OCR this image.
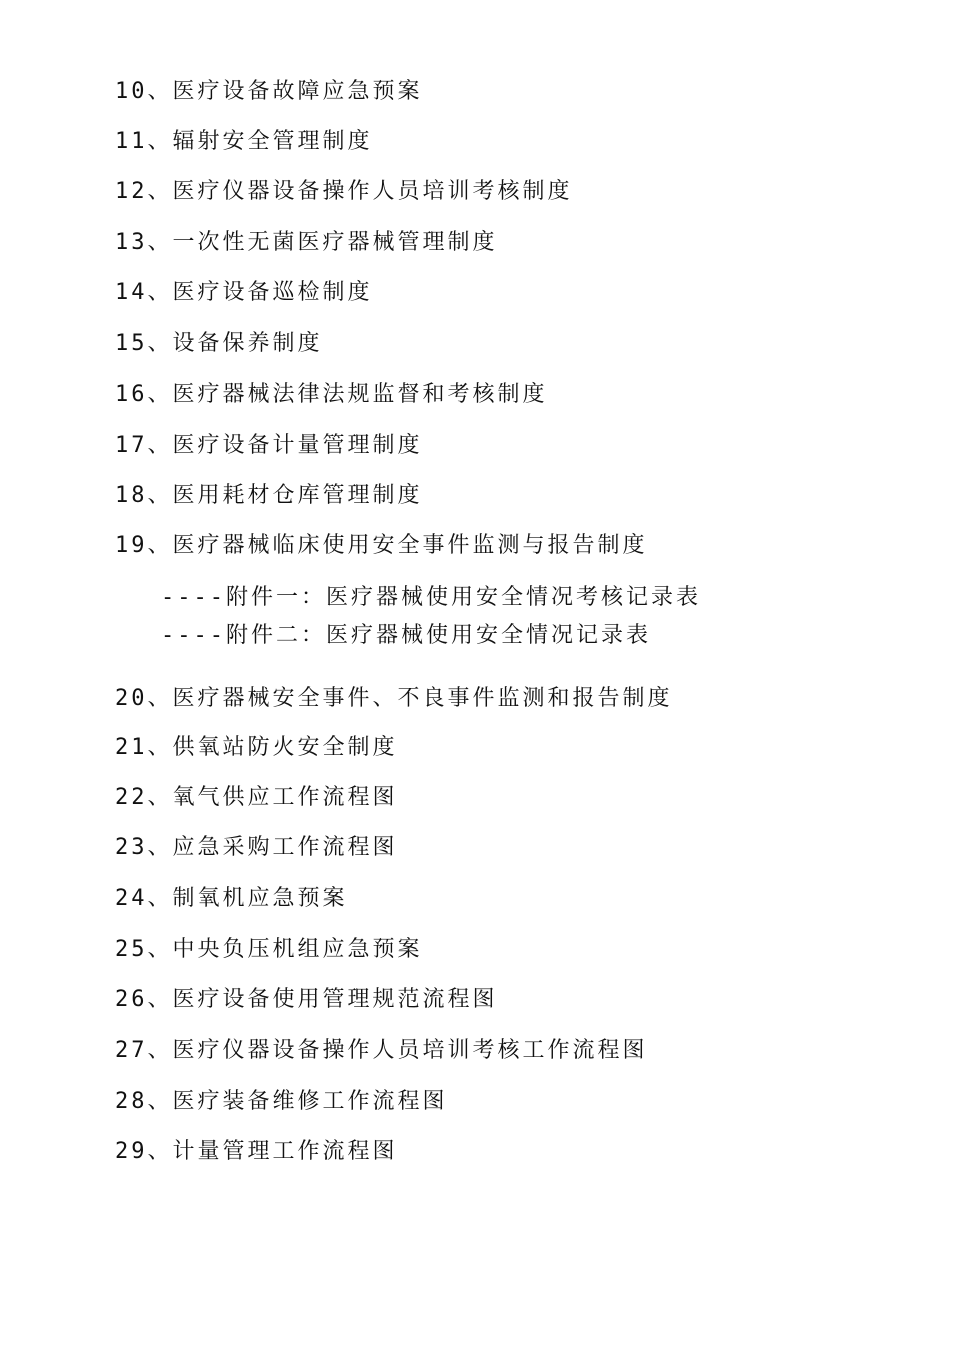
10、医疗设备故障应急预案
11、辐射安全管理制度
12、医疗仪器设备操作人员培训考核制度
13、一次性无菌医疗器械管理制度
14、医疗设备巡检制度
15、设备保养制度
16、医疗器械法律法规监督和考核制度
17、医疗设备计量管理制度
18、医用耗材仓库管理制度
19、医疗器械临床使用安全事件监测与报告制度
----附件一：医疗器械使用安全情况考核记录表
----附件二：医疗器械使用安全情况记录表
20、医疗器械安全事件、不良事件监测和报告制度
21、供氧站防火安全制度
22、氧气供应工作流程图
23、应急采购工作流程图
24、制氧机应急预案
25、中央负压机组应急预案
26、医疗设备使用管理规范流程图
27、医疗仪器设备操作人员培训考核工作流程图
28、医疗装备维修工作流程图
29、计量管理工作流程图
